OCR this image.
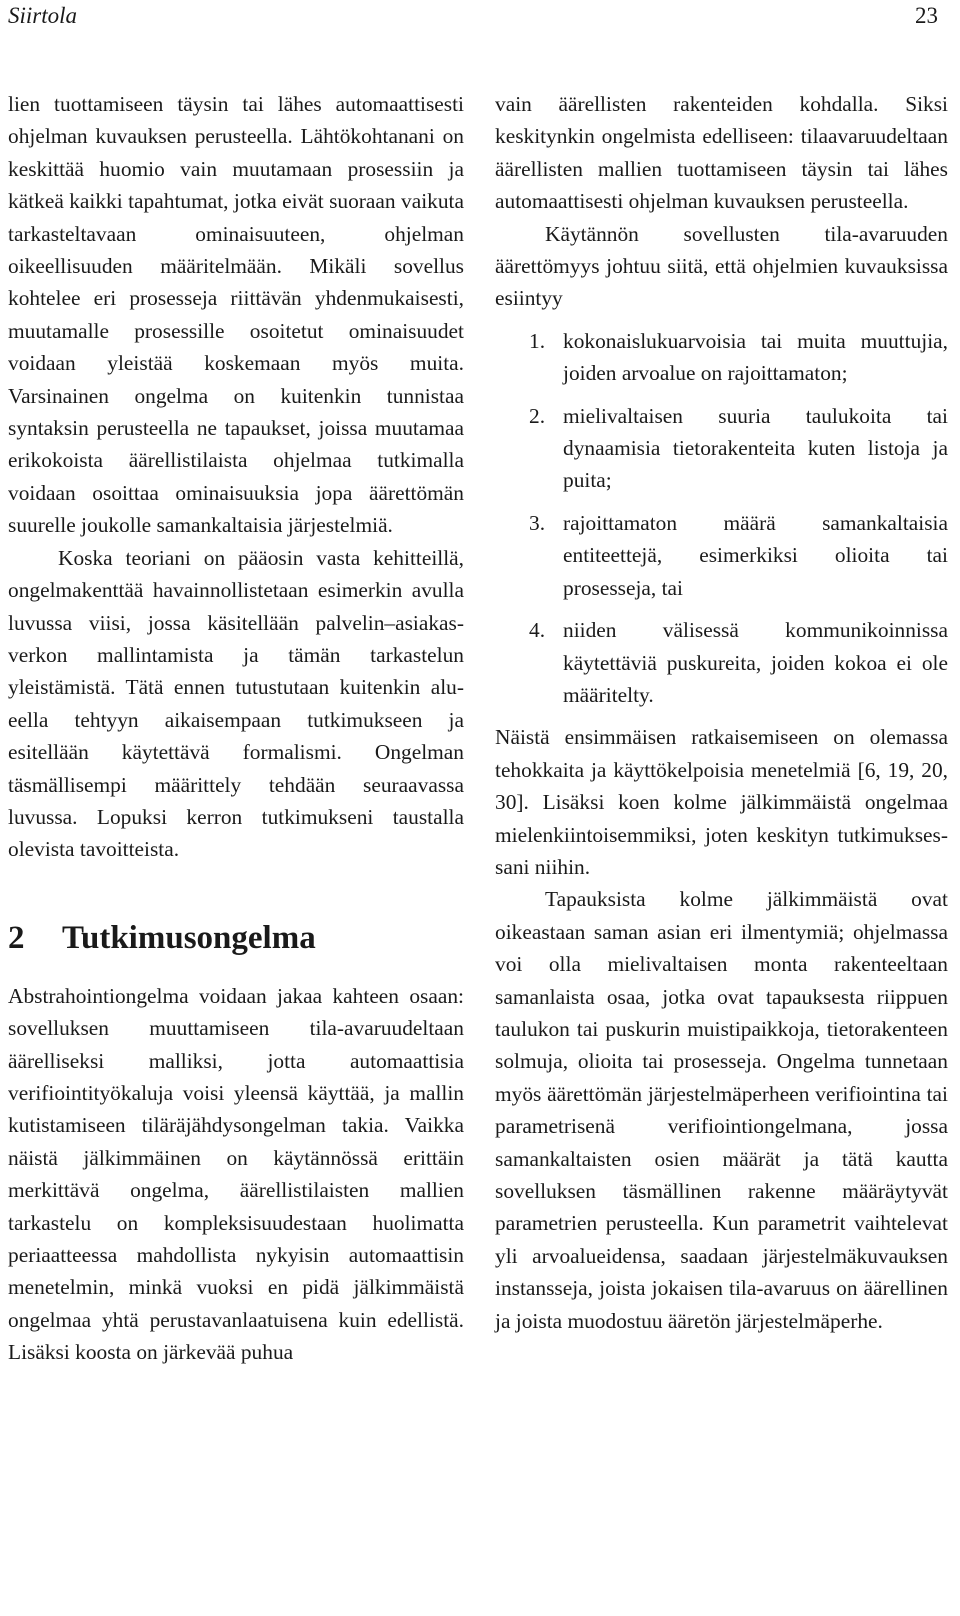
Siirtola	23

lien tuottamiseen täysin tai lähes automaattisesti ohjelman kuvauksen perusteella. Lähtökohtanani on keskittää huomio vain muutamaan prosessiin ja kätkeä kaikki tapahtumat, jotka eivät suoraan vaikuta tarkasteltavaan ominaisuuteen, ohjelman oikeellisuuden määritelmään. Mikäli sovellus kohtelee eri prosesseja riittävän yhdenmukaisesti, muutamalle prosessille osoitetut ominaisuudet voidaan yleistää koskemaan myös muita. Varsinainen ongelma on kuitenkin tunnistaa syntaksin perusteella ne tapaukset, joissa muutamaa erikokoista äärellistilaista ohjelmaa tutkimalla voidaan osoittaa ominaisuuksia jopa äärettömän suurelle joukolle samankaltaisia järjestelmiä.

Koska teoriani on pääosin vasta kehitteillä, ongelmakenttää havainnollistetaan esimerkin avulla luvussa viisi, jossa käsitellään palvelin–asiakas-verkon mallintamista ja tämän tarkastelun yleistämistä. Tätä ennen tutustutaan kuitenkin alueella tehtyyn aikaisempaan tutkimukseen ja esitellään käytettävä formalismi. Ongelman täsmällisempi määrittely tehdään seuraavassa luvussa. Lopuksi kerron tutkimukseni taustalla olevista tavoitteista.

2 Tutkimusongelma

Abstrahointiongelma voidaan jakaa kahteen osaan: sovelluksen muuttamiseen tila-avaruudeltaan äärelliseksi malliksi, jotta automaattisia verifiointityökaluja voisi yleensä käyttää, ja mallin kutistamiseen tiläräjähdysongelman takia. Vaikka näistä jälkimmäinen on käytännössä erittäin merkittävä ongelma, äärellistilaisten mallien tarkastelu on kompleksisuudestaan huolimatta periaatteessa mahdollista nykyisin automaattisin menetelmin, minkä vuoksi en pidä jälkimmäistä ongelmaa yhtä perustavanlaatuisena kuin edellistä. Lisäksi koosta on järkevää puhua

vain äärellisten rakenteiden kohdalla. Siksi keskitynkin ongelmista edelliseen: tilaavaruudeltaan äärellisten mallien tuottamiseen täysin tai lähes automaattisesti ohjelman kuvauksen perusteella.

Käytännön sovellusten tila-avaruuden äärettömyys johtuu siitä, että ohjelmien kuvauksissa esiintyy

1. kokonaislukuarvoisia tai muita muuttujia, joiden arvoalue on rajoittamaton;
2. mielivaltaisen suuria taulukoita tai dynaamisia tietorakenteita kuten listoja ja puita;
3. rajoittamaton määrä samankaltaisia entiteettejä, esimerkiksi olioita tai prosesseja, tai
4. niiden välisessä kommunikoinnissa käytettäviä puskureita, joiden kokoa ei ole määritelty.

Näistä ensimmäisen ratkaisemiseen on olemassa tehokkaita ja käyttökelpoisia menetelmiä [6, 19, 20, 30]. Lisäksi koen kolme jälkimmäistä ongelmaa mielenkiintoisemmiksi, joten keskityn tutkimuksessani niihin.

Tapauksista kolme jälkimmäistä ovat oikeastaan saman asian eri ilmentymiä; ohjelmassa voi olla mielivaltaisen monta rakenteeltaan samanlaista osaa, jotka ovat tapauksesta riippuen taulukon tai puskurin muistipaikkoja, tietorakenteen solmuja, olioita tai prosesseja. Ongelma tunnetaan myös äärettömän järjestelmäperheen verifiointina tai parametrisenä verifiointiongelmana, jossa samankaltaisten osien määrät ja tätä kautta sovelluksen täsmällinen rakenne määräytyvät parametrien perusteella. Kun parametrit vaihtelevat yli arvoalueidensa, saadaan järjestelmäkuvauksen instansseja, joista jokaisen tila-avaruus on äärellinen ja joista muodostuu ääretön järjestelmäperhe.
